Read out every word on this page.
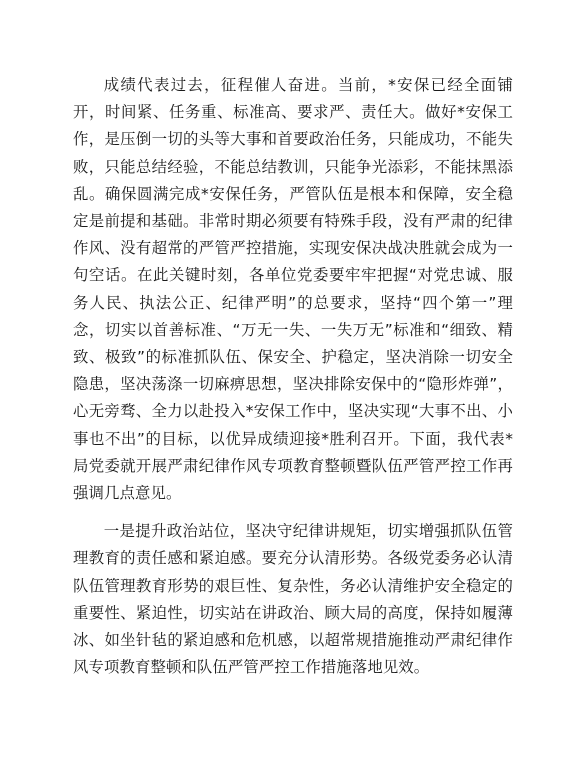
成绩代表过去，征程催人奋进。当前，*安保已经全面铺开，时间紧、任务重、标准高、要求严、责任大。做好*安保工作，是压倒一切的头等大事和首要政治任务，只能成功，不能失败，只能总结经验，不能总结教训，只能争光添彩，不能抹黑添乱。确保圆满完成*安保任务，严管队伍是根本和保障，安全稳定是前提和基础。非常时期必须要有特殊手段，没有严肃的纪律作风、没有超常的严管严控措施，实现安保决战决胜就会成为一句空话。在此关键时刻，各单位党委要牢牢把握“对党忠诚、服务人民、执法公正、纪律严明”的总要求，坚持“四个第一”理念，切实以首善标准、“万无一失、一失万无”标准和“细致、精致、极致”的标准抓队伍、保安全、护稳定，坚决消除一切安全隐患，坚决荡涤一切麻痹思想，坚决排除安保中的“隐形炸弹”，心无旁骛、全力以赴投入*安保工作中，坚决实现“大事不出、小事也不出”的目标，以优异成绩迎接*胜利召开。下面，我代表*局党委就开展严肃纪律作风专项教育整顿暨队伍严管严控工作再强调几点意见。

一是提升政治站位，坚决守纪律讲规矩，切实增强抓队伍管理教育的责任感和紧迫感。要充分认清形势。各级党委务必认清队伍管理教育形势的艰巨性、复杂性，务必认清维护安全稳定的重要性、紧迫性，切实站在讲政治、顾大局的高度，保持如履薄冰、如坐针毡的紧迫感和危机感，以超常规措施推动严肃纪律作风专项教育整顿和队伍严管严控工作措施落地见效。
